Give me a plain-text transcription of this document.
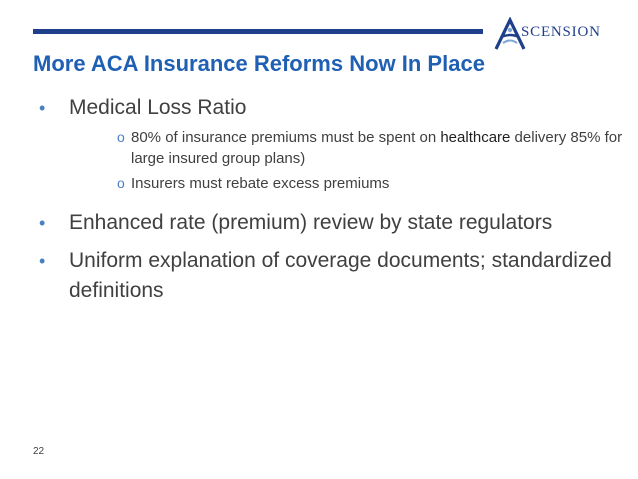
SCENSION
More ACA Insurance Reforms Now In Place
• Medical Loss Ratio
o 80% of insurance premiums must be spent on healthcare delivery 85% for large insured group plans)
o Insurers must rebate excess premiums
• Enhanced rate (premium) review by state regulators
• Uniform explanation of coverage documents; standardized definitions
22
